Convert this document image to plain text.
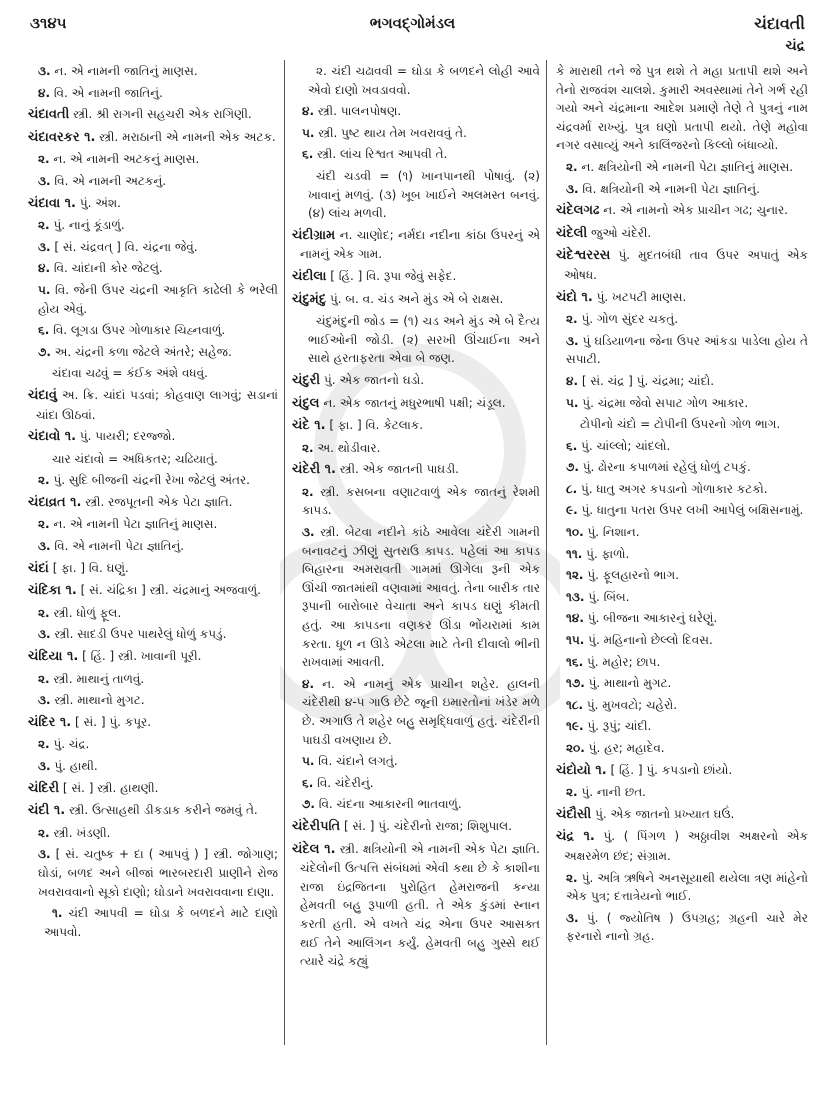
૩૧૪૫	ભગવદ્ગોમંડલ	ચંદાવતી
ચંદ્ર
૩. ન. એ નામની જાતિનું માણસ.
૪. વિ. એ નામની જાતિનું.
ચંદાવતી સ્ત્રી. શ્રી રાગની સહચરી એક રાગિણી.
ચંદાવરકર ૧. સ્ત્રી. મરાઠાની એ નામની એક અટક.
૨. ન. એ નામની અટકનું માણસ.
૩. વિ. એ નામની અટકનું.
ચંદાવા ૧. પું. અંશ.
૨. પું. નાનું કૂંડાળું.
૩. [ સં. ચંદ્રવત્ ] વિ. ચંદ્રના જેવું.
૪. વિ. ચાંદાની કોર જેટલું.
૫. વિ. જેની ઉપર ચંદ્રની આકૃતિ કાઢેલી કે ભરેલી હોય એવું.
૬. વિ. લૂગડા ઉપર ગોળાકાર ચિહ્નવાળું.
૭. અ. ચંદ્રની કળા જેટલે અંતરે; સહેજ.
ચંદાવા ચઢવું = કંઈક અંશે વધવું.
ચંદાવું અ. ક્રિ. ચાંદાં પડવાં; કોહવાણ લાગવું; સડાનાં ચાંદા ઊઠવાં.
ચંદાવો ૧. પું. પાયરી; દરજ્જો.
ચાર ચંદાવો = અધિકતર; ચઢિયાતું.
૨. પું. સુદિ બીજની ચંદ્રની રેખા જેટલું અંતર.
ચંદાવ્રત ૧. સ્ત્રી. રજપૂતની એક પેટા જ્ઞાતિ.
૨. ન. એ નામની પેટા જ્ઞાતિનું માણસ.
૩. વિ. એ નામની પેટા જ્ઞાતિનું.
ચંદાં [ ફા. ] વિ. ઘણું.
ચંદિકા ૧. [ સં. ચંદ્રિકા ] સ્ત્રી. ચંદ્રમાનું અજવાળું.
૨. સ્ત્રી. ધોળું ફૂલ.
૩. સ્ત્રી. સાદડી ઉપર પાથરેલું ધોળું કપડું.
ચંદિયા ૧. [ હિં. ] સ્ત્રી. ખાવાની પૂરી.
૨. સ્ત્રી. માથાનું તાળવું.
૩. સ્ત્રી. માથાનો મુગટ.
ચંદિર ૧. [ સં. ] પું. કપૂર.
૨. પું. ચંદ્ર.
૩. પું. હાથી.
ચંદિરી [ સં. ] સ્ત્રી. હાથણી.
ચંદી ૧. સ્ત્રી. ઉત્સાહથી ડીકડાક કરીને જમવું તે.
૨. સ્ત્રી. ખંડણી.
૩. [ સં. ચતુષ્ક + દા ( આપવું ) ] સ્ત્રી. જોગાણ; ઘોડાં, બળદ અને બીજાં ભારબરદારી પ્રાણીને રોજ ખવરાવવાનો સૂકો દાણો; ઘોડાને ખવરાવવાના દાણા.
૧. ચંદી આપવી = ઘોડા કે બળદને માટે દાણો આપવો.
૨. ચંદી ચઢાવવી = ઘોડા કે બળદને લોહી આવે એવો દાણો ખવડાવવો.
૪. સ્ત્રી. પાલનપોષણ.
૫. સ્ત્રી. પુષ્ટ થાય તેમ ખવરાવવું તે.
૬. સ્ત્રી. લાંચ રિશ્વત આપવી તે.
ચંદી ચડવી = (૧) ખાનપાનથી પોષાવું. (૨) ખાવાનું મળવું. (૩) ખૂબ ખાઈને અલમસ્ત બનવું. (૪) લાંચ મળવી.
ચંદીગ્રામ ન. ચાણોદ; નર્મદા નદીના કાંઠા ઉપરનું એ નામનું એક ગામ.
ચંદીલા [ હિં. ] વિ. રૂપા જેવું સફેદ.
ચંદુમંદુ પું. બ. વ. ચંડ અને મુંડ એ બે રાક્ષસ.
ચંદુમંદુની જોડ = (૧) ચડ અને મુંડ એ બે દૈત્ય ભાઈઓની જોડી. (૨) સરખી ઊંચાઈના અને સાથે હરતાફરતા એવા બે જણ.
ચંદુરી પું. એક જાતનો ઘડો.
ચંદુલ ન. એક જાતનું મધુરભાષી પક્ષી; ચંડૂલ.
ચંદે ૧. [ ફા. ] વિ. કેટલાક.
૨. અ. થોડીવાર.
ચંદેરી ૧. સ્ત્રી. એક જાતની પાઘડી.
૨. સ્ત્રી. કસબના વણાટવાળું એક જાતનું રેશમી કાપડ.
૩. સ્ત્રી. બેટવા નદીને કાંઠે આવેલા ચંદેરી ગામની બનાવટનું ઝીણું સુતરાઉ કાપડ. પહેલાં આ કાપડ બિહારના અમરાવતી ગામમાં ઊગેલા રૂની એક ઊંચી જાતમાંથી વણવામાં આવતું. તેના બારીક તાર રૂપાની બારોબાર વેચાતા અને કાપડ ઘણું કીમતી હતું. આ કાપડના વણકર ઊંડા ભોંયરામાં કામ કરતા. ધૂળ ન ઊડે એટલા માટે તેની દીવાલો ભીની રાખવામાં આવતી.
૪. ન. એ નામનું એક પ્રાચીન શહેર. હાલની ચંદેરીથી ૪-૫ ગાઉ છેટે જૂની ઇમારતોનાં ખંડેર મળે છે. અગાઉ તે શહેર બહુ સમૃદ્ધિવાળું હતું. ચંદેરીની પાઘડી વખણાય છે.
૫. વિ. ચંદાને લગતું.
૬. વિ. ચંદેરીનું.
૭. વિ. ચંદના આકારની ભાતવાળું.
ચંદેરીપતિ [ સં. ] પું. ચંદેરીનો રાજા; શિશુપાલ.
ચંદેલ ૧. સ્ત્રી. ક્ષત્રિયોની એ નામની એક પેટા જ્ઞાતિ. ચંદેલોની ઉત્પત્તિ સંબંધમાં એવી કથા છે કે કાશીના રાજા ઇંદ્રજિતના પુરોહિત હેમરાજની કન્યા હેમવતી બહુ રૂપાળી હતી. તે એક કુંડમાં સ્નાન કરતી હતી. એ વખતે ચંદ્ર એના ઉપર આસક્ત થઈ તેને આલિંગન કર્યું. હેમવતી બહુ ગુસ્સે થઈ ત્યારે ચંદ્રે કહ્યું
કે મારાથી તને જે પુત્ર થશે તે મહા પ્રતાપી થશે અને તેનો રાજવંશ ચાલશે. કુમારી અવસ્થામાં તેને ગર્ભ રહી ગયો અને ચંદ્રમાના આદેશ પ્રમાણે તેણે તે પુત્રનું નામ ચંદ્રવર્મા રાખ્યું. પુત્ર ઘણો પ્રતાપી થયો. તેણે મહોવા નગર વસાવ્યું અને કાલિંજરનો કિલ્લો બંધાવ્યો.
૨. ન. ક્ષત્રિયોની એ નામની પેટા જ્ઞાતિનું માણસ.
૩. વિ. ક્ષત્રિયોની એ નામની પેટા જ્ઞાતિનું.
ચંદેલગઢ ન. એ નામનો એક પ્રાચીન ગઢ; ચુનાર.
ચંદેલી જુઓ ચંદેરી.
ચંદેશ્વરરસ પું. મુદતબંધી તાવ ઉપર અપાતું એક ઓષધ.
ચંદો ૧. પું. ખટપટી માણસ.
૨. પું. ગોળ સુંદર ચકતું.
૩. પું ઘડિયાળના જેના ઉપર આંકડા પાડેલા હોય તે સપાટી.
૪. [ સં. ચંદ્ર ] પું. ચંદ્રમા; ચાંદો.
૫. પું. ચંદ્રમા જેવો સપાટ ગોળ આકાર.
ટોપીનો ચંદો = ટોપીની ઉપરનો ગોળ ભાગ.
૬. પું. ચાંલ્લો; ચાંદલો.
૭. પું. ઢોરના કપાળમાં રહેલું ધોળું ટપકું.
૮. પું. ધાતુ અગર કપડાનો ગોળાકાર કટકો.
૯. પું. ધાતુના પતરા ઉપર લખી આપેલું બક્ષિસનામું.
૧૦. પું. નિશાન.
૧૧. પું. ફાળો.
૧૨. પું. ફૂલહારનો ભાગ.
૧૩. પું. બિંબ.
૧૪. પું. બીજના આકારનું ઘરેણું.
૧૫. પું. મહિનાનો છેલ્લો દિવસ.
૧૬. પું. મહોર; છાપ.
૧૭. પું. માથાનો મુગટ.
૧૮. પું. મુખવટો; ચહેરો.
૧૯. પું. રૂપું; ચાંદી.
૨૦. પું. હર; મહાદેવ.
ચંદોયો ૧. [ હિં. ] પું. કપડાનો છાંયો.
૨. પું. નાની છત.
ચંદૌસી પું. એક જાતનો પ્રખ્યાત ઘઉં.
ચંદ્ર ૧. પું. ( પિંગળ ) અઠ્ઠાવીશ અક્ષરનો એક અક્ષરમેળ છંદ; સંગ્રામ.
૨. પું. અત્રિ ઋષિને અનસૂયાથી થયેલા ત્રણ માંહેનો એક પુત્ર; દત્તાત્રેયનો ભાઈ.
૩. પું. ( જ્યોતિષ ) ઉપગ્રહ; ગ્રહની ચારે મેર ફરનારો નાનો ગ્રહ.
